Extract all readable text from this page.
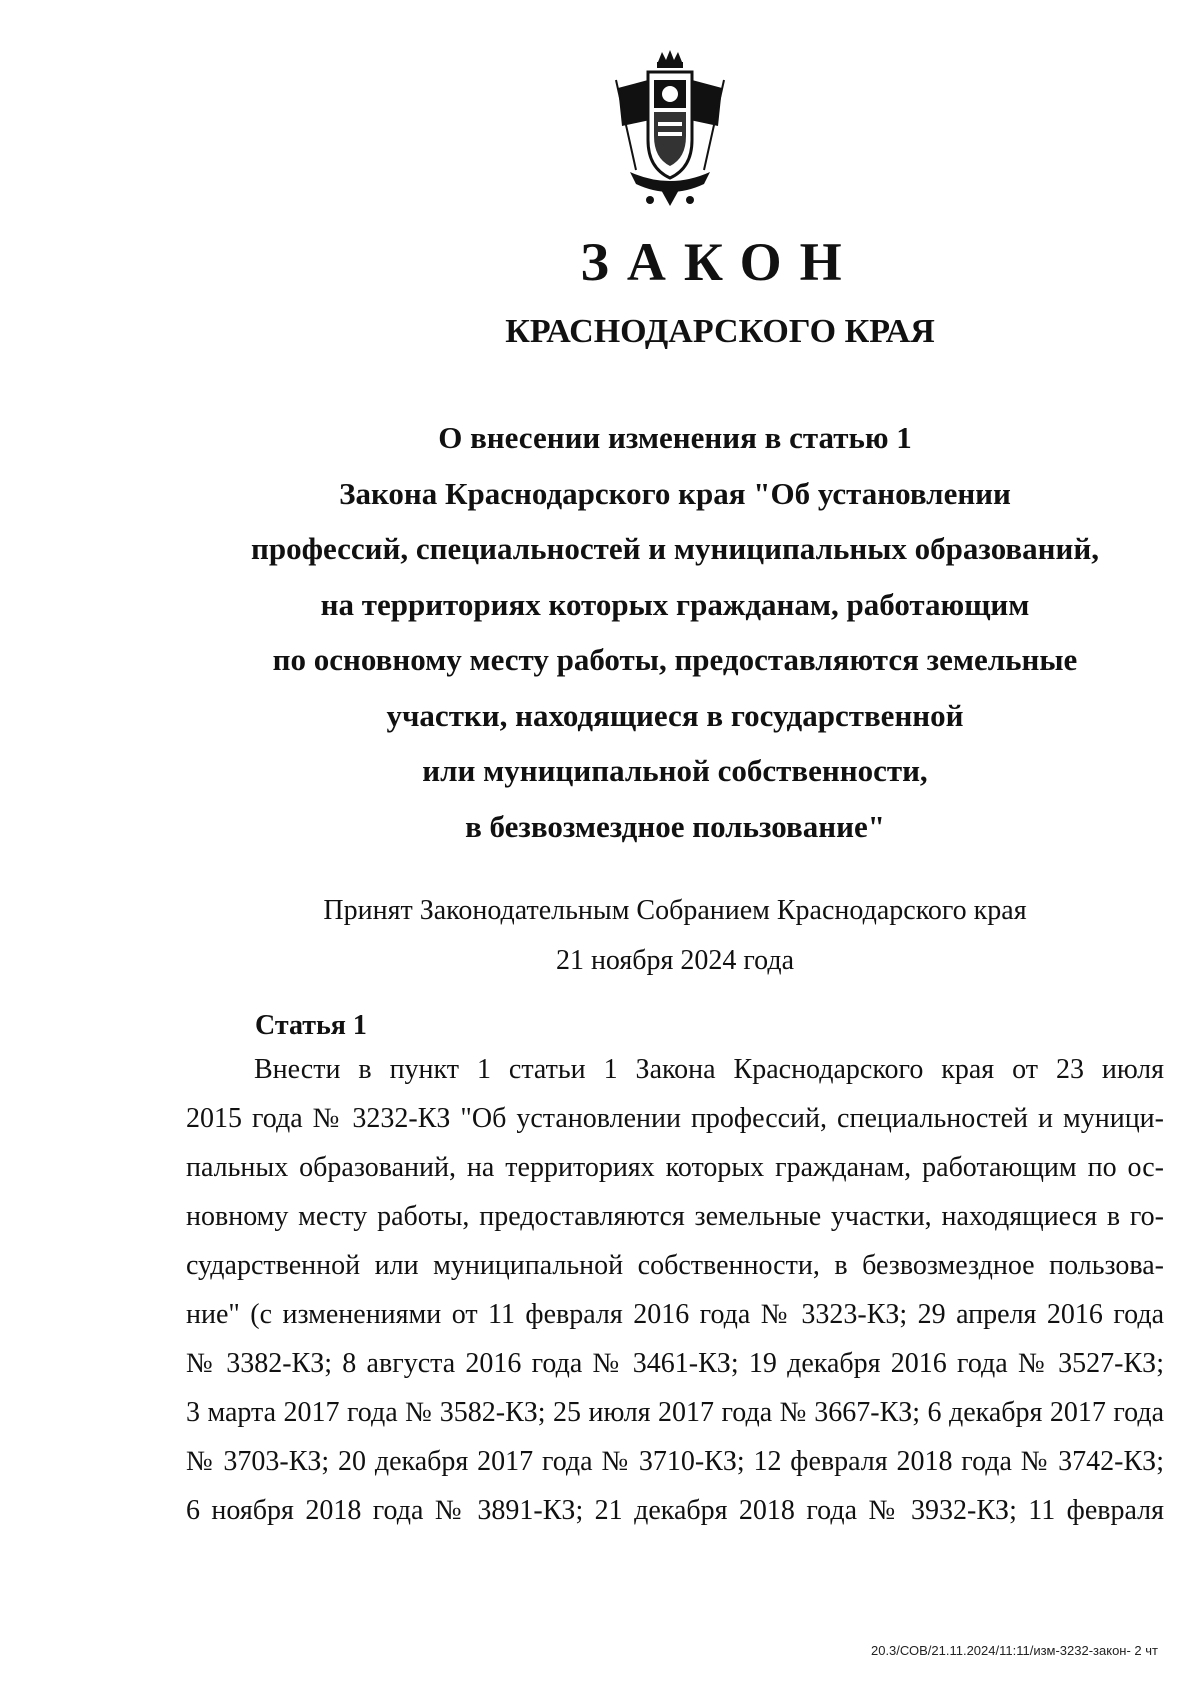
ЗАКОН
КРАСНОДАРСКОГО КРАЯ
О внесении изменения в статью 1
Закона Краснодарского края "Об установлении
профессий, специальностей и муниципальных образований,
на территориях которых гражданам, работающим
по основному месту работы, предоставляются земельные
участки, находящиеся в государственной
или муниципальной собственности,
в безвозмездное пользование"
Принят Законодательным Собранием Краснодарского края
21 ноября 2024 года
Статья 1
Внести в пункт 1 статьи 1 Закона Краснодарского края от 23 июля
2015 года № 3232-КЗ "Об установлении профессий, специальностей и муници-
пальных образований, на территориях которых гражданам, работающим по ос-
новному месту работы, предоставляются земельные участки, находящиеся в го-
сударственной или муниципальной собственности, в безвозмездное пользова-
ние" (с изменениями от 11 февраля 2016 года № 3323-КЗ; 29 апреля 2016 года
№ 3382-КЗ; 8 августа 2016 года № 3461-КЗ; 19 декабря 2016 года № 3527-КЗ;
3 марта 2017 года № 3582-КЗ; 25 июля 2017 года № 3667-КЗ; 6 декабря 2017 года
№ 3703-КЗ; 20 декабря 2017 года № 3710-КЗ; 12 февраля 2018 года № 3742-КЗ;
6 ноября 2018 года № 3891-КЗ; 21 декабря 2018 года № 3932-КЗ; 11 февраля
20.3/СОВ/21.11.2024/11:11/изм-3232-закон- 2 чт
